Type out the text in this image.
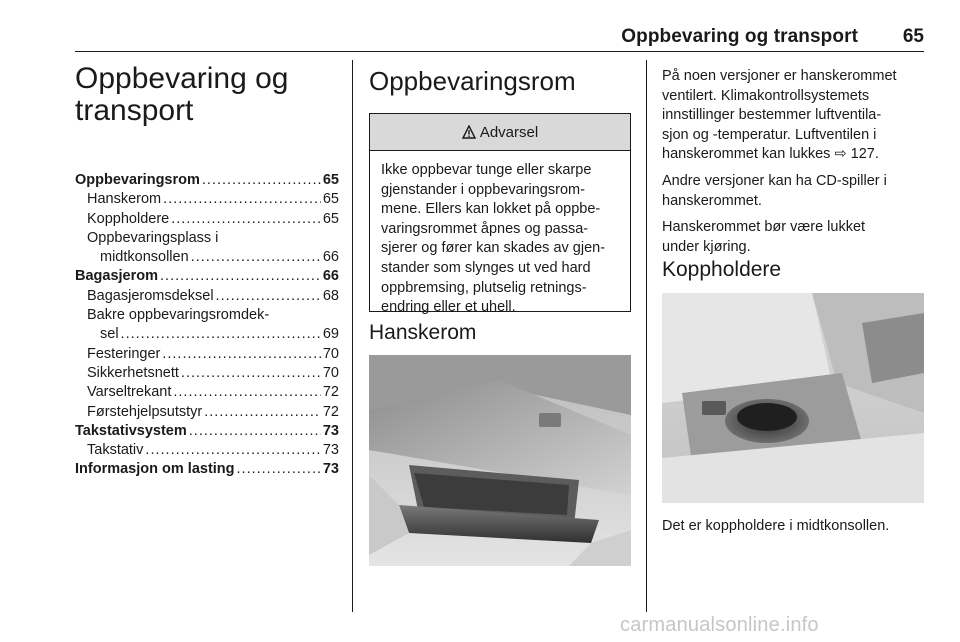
Oppbevaring og transport 65
Oppbevaring og
transport
Oppbevaringsrom .....	65
Hanskerom .....	65
Koppholdere .....	65
Oppbevaringsplass i
midtkonsollen .....	66
Bagasjerom .....	66
Bagasjeromsdeksel .....	68
Bakre oppbevaringsromdek-
sel .....	69
Festeringer .....	70
Sikkerhetsnett .....	70
Varseltrekant .....	72
Førstehjelpsutstyr .....	72
Takstativsystem .....	73
Takstativ .....	73
Informasjon om lasting .....	73
Oppbevaringsrom
Advarsel
Ikke oppbevar tunge eller skarpe
gjenstander i oppbevaringsrom-
mene. Ellers kan lokket på oppbe-
varingsrommet åpnes og passa-
sjerer og fører kan skades av gjen-
stander som slynges ut ved hard
oppbremsing, plutselig retnings-
endring eller et uhell.
Hanskerom
På noen versjoner er hanskerommet
ventilert. Klimakontrollsystemets
innstillinger bestemmer luftventila-
sjon og -temperatur. Luftventilen i
hanskerommet kan lukkes ⇨ 127.
Andre versjoner kan ha CD-spiller i
hanskerommet.
Hanskerommet bør være lukket
under kjøring.
Koppholdere
Det er koppholdere i midtkonsollen.
carmanualsonline.info
